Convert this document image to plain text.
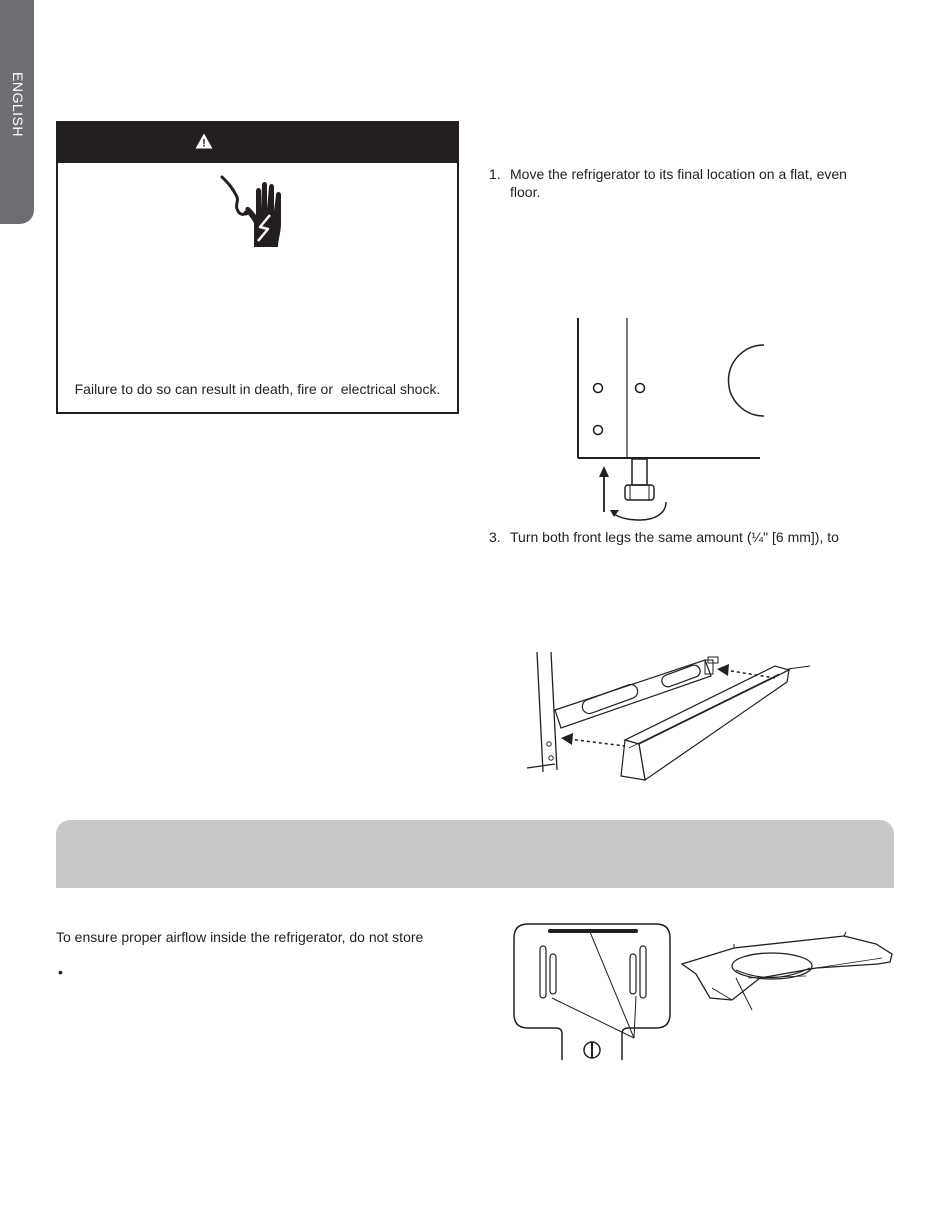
ENGLISH
!
Failure to do so can result in death, fire or  electrical shock.
1. Move the refrigerator to its final location on a flat, even
floor.
3. Turn both front legs the same amount (¼" [6 mm]), to
To ensure proper airflow inside the refrigerator, do not store
•
